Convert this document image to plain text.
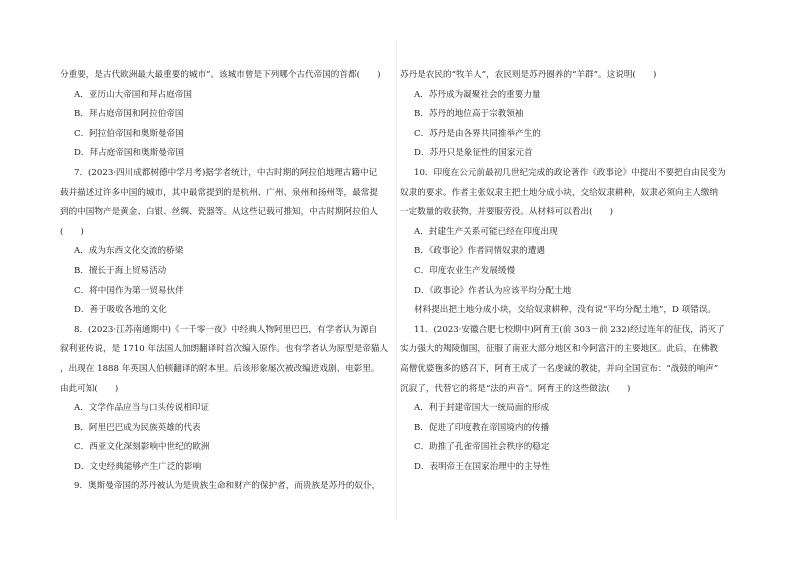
分重要，是古代欧洲最大最重要的城市”。该城市曾是下列哪个古代帝国的首都(　　)
A．亚历山大帝国和拜占庭帝国
B．拜占庭帝国和阿拉伯帝国
C．阿拉伯帝国和奥斯曼帝国
D．拜占庭帝国和奥斯曼帝国
7．(2023·四川成都树德中学月考)据学者统计，中古时期的阿拉伯地理古籍中记
载并描述过许多中国的城市，其中最常提到的是杭州、广州、泉州和扬州等，最常提
到的中国物产是黄金、白银、丝绸、瓷器等。从这些记载可推知，中古时期阿拉伯人
(　　)
A．成为东西文化交流的桥梁
B．擅长于海上贸易活动
C．将中国作为第一贸易伙伴
D．善于吸收各地的文化
8．(2023·江苏南通期中)《一千零一夜》中经典人物阿里巴巴，有学者认为源自
叙利亚传说，是 1710 年法国人加朗翻译时首次编入原作。也有学者认为原型是帝猫人
，出现在 1888 年英国人伯顿翻译的附本里。后该形象屡次被改编进戏剧、电影里。
由此可知(　　)
A．文学作品应当与口头传说相印证
B．阿里巴巴成为民族英雄的代表
C．西亚文化深刻影响中世纪的欧洲
D．文史经典能够产生广泛的影响
9．奥斯曼帝国的苏丹被认为是贵族生命和财产的保护者，而贵族是苏丹的奴仆，
苏丹是农民的“牧羊人”，农民则是苏丹圈养的“羊群”。这说明(　　)
A．苏丹成为凝聚社会的重要力量
B．苏丹的地位高于宗教领袖
C．苏丹是由各界共同推举产生的
D．苏丹只是象征性的国家元首
10．印度在公元前最初几世纪完成的政论著作《政事论》中提出不要把自由民变为
奴隶的要求。作者主张奴隶主把土地分成小块，交给奴隶耕种，奴隶必须向主人缴纳
一定数量的收获物，并要服劳役。从材料可以看出(　　)
A．封建生产关系可能已经在印度出现
B．《政事论》作者同情奴隶的遭遇
C．印度农业生产发展缓慢
D．《政事论》作者认为应该平均分配土地
材料提出把土地分成小块，交给奴隶耕种，没有说“平均分配土地”，D 项错误。
11．(2023·安徽合肥七校期中)阿育王(前 303－前 232)经过连年的征伐，消灭了
实力强大的羯陵伽国，征服了南亚大部分地区和今阿富汗的主要地区。此后，在佛教
高僧优婆毱多的感召下，阿育王成了一名虔诚的教徒，并向全国宣布：“战鼓的响声”
沉寂了，代替它的将是“法的声音”。阿育王的这些做法(　　)
A．利于封建帝国大一统局面的形成
B．促进了印度教在帝国境内的传播
C．助推了孔雀帝国社会秩序的稳定
D．表明帝王在国家治理中的主导性
